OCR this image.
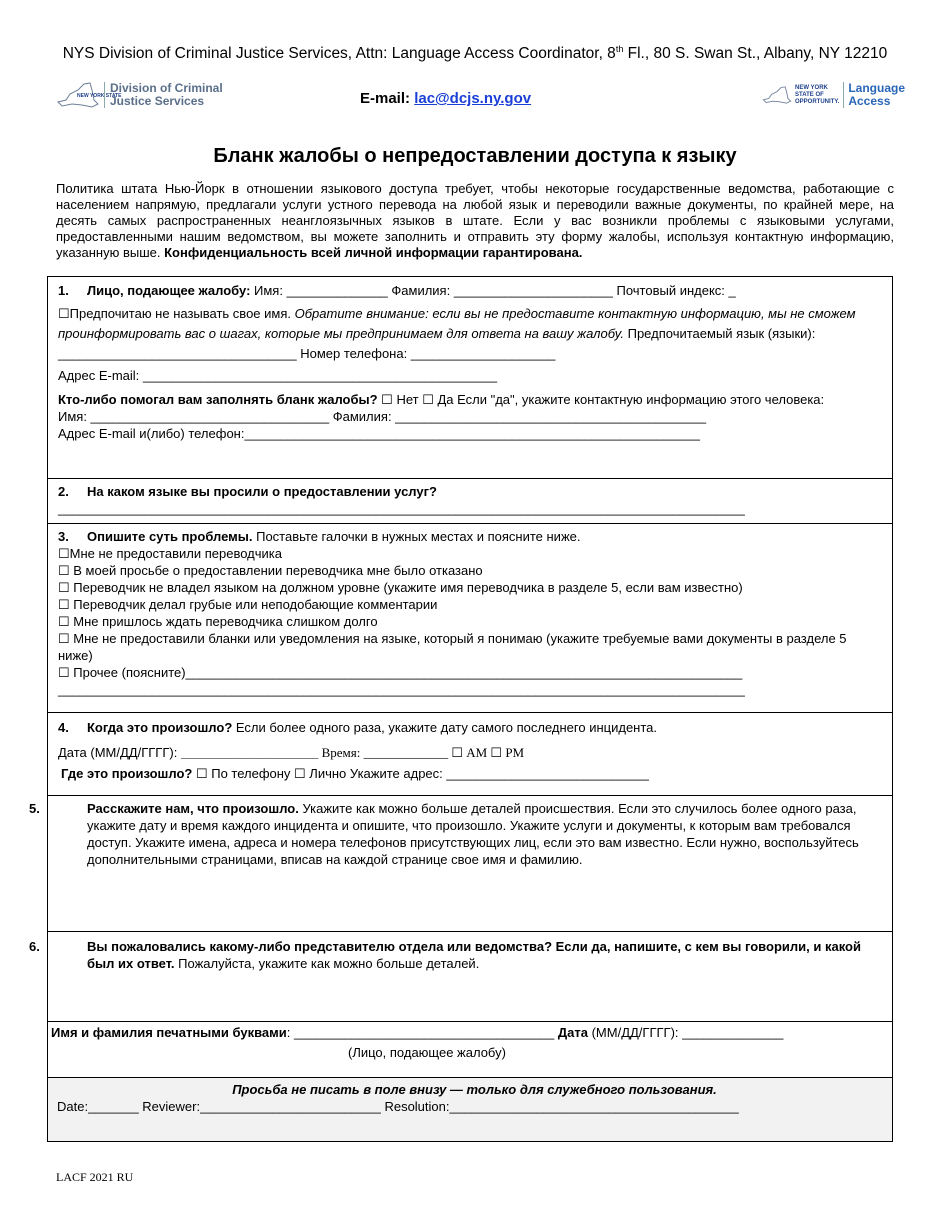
NYS Division of Criminal Justice Services, Attn: Language Access Coordinator, 8th Fl., 80 S. Swan St., Albany, NY 12210
NEW YORK STATE
Division of Criminal
Justice Services	E-mail: lac@dcjs.ny.gov
NEW YORK
STATE OF
OPPORTUNITY.
Language
Access
Бланк жалобы о непредоставлении доступа к языку
Политика штата Нью-Йорк в отношении языкового доступа требует, чтобы некоторые государственные ведомства, работающие с населением напрямую, предлагали услуги устного перевода на любой язык и переводили важные документы, по крайней мере, на десять самых распространенных неанглоязычных языков в штате. Если у вас возникли проблемы с языковыми услугами, предоставленными нашим ведомством, вы можете заполнить и отправить эту форму жалобы, используя контактную информацию, указанную выше. Конфиденциальность всей личной информации гарантирована.
1. Лицо, подающее жалобу: Имя: ______________ Фамилия: ______________________ Почтовый индекс: _
☐Предпочитаю не называть свое имя. Обратите внимание: если вы не предоставите контактную информацию, мы не сможем проинформировать вас о шагах, которые мы предпринимаем для ответа на вашу жалобу. Предпочитаемый язык (языки): _________________________________ Номер телефона: ____________________
Адрес E-mail: _________________________________________________
Кто-либо помогал вам заполнять бланк жалобы? ☐ Нет ☐ Да Если "да", укажите контактную информацию этого человека:
Имя: _________________________________ Фамилия: ___________________________________________
Адрес E-mail и(либо) телефон:_______________________________________________________________
2. На каком языке вы просили о предоставлении услуг?
_______________________________________________________________________________________________
3. Опишите суть проблемы. Поставьте галочки в нужных местах и поясните ниже.
☐Мне не предоставили переводчика
☐ В моей просьбе о предоставлении переводчика мне было отказано
☐ Переводчик не владел языком на должном уровне (укажите имя переводчика в разделе 5, если вам известно)
☐ Переводчик делал грубые или неподобающие комментарии
☐ Мне пришлось ждать переводчика слишком долго
☐ Мне не предоставили бланки или уведомления на языке, который я понимаю (укажите требуемые вами документы в разделе 5 ниже)
☐ Прочее (поясните)_____________________________________________________________________________
_______________________________________________________________________________________________
4. Когда это произошло? Если более одного раза, укажите дату самого последнего инцидента.
Дата (ММ/ДД/ГГГГ): ___________________ Время: _____________ ☐ AM ☐ PM
Где это произошло? ☐ По телефону ☐ Лично Укажите адрес: ____________________________
5.	Расскажите нам, что произошло. Укажите как можно больше деталей происшествия. Если это случилось более одного раза, укажите дату и время каждого инцидента и опишите, что произошло. Укажите услуги и документы, к которым вам требовался доступ. Укажите имена, адреса и номера телефонов присутствующих лиц, если это вам известно. Если нужно, воспользуйтесь дополнительными страницами, вписав на каждой странице свое имя и фамилию.
6.	Вы пожаловались какому-либо представителю отдела или ведомства? Если да, напишите, с кем вы говорили, и какой был их ответ. Пожалуйста, укажите как можно больше деталей.
Имя и фамилия печатными буквами: ____________________________________ Дата (ММ/ДД/ГГГГ): ______________
(Лицо, подающее жалобу)
Просьба не писать в поле внизу — только для служебного пользования.
Date:_______ Reviewer:_________________________ Resolution:________________________________________
LACF 2021 RU
